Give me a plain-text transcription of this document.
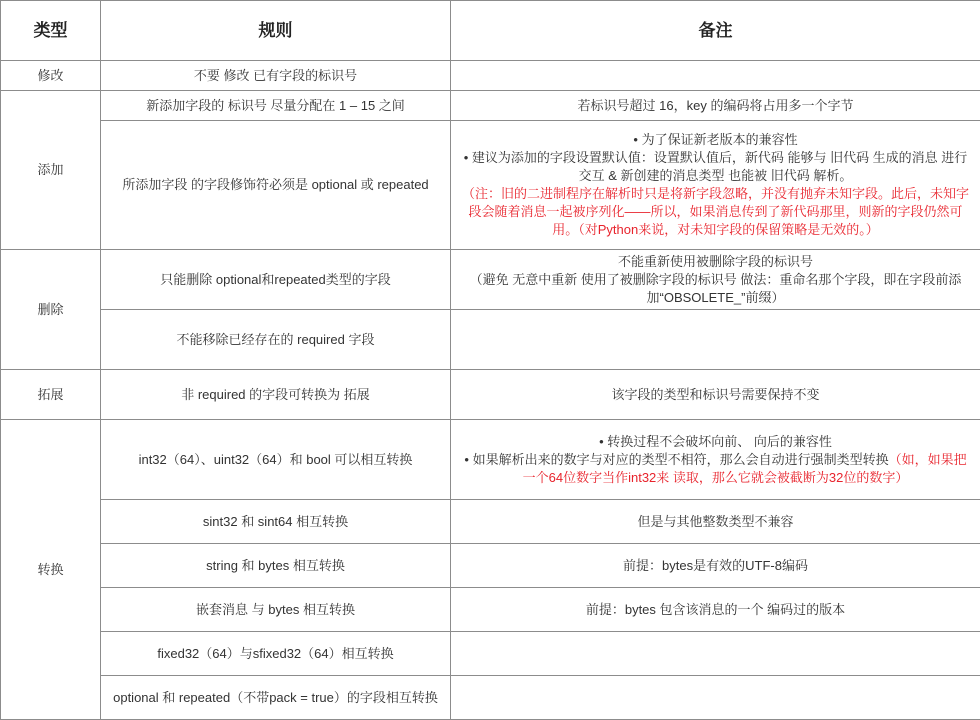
类型	规则	备注
修改	不要 修改 已有字段的标识号	
添加	新添加字段的 标识号 尽量分配在 1 – 15 之间	若标识号超过 16，key 的编码将占用多一个字节
	所添加字段 的字段修饰符必须是 optional 或 repeated	• 为了保证新老版本的兼容性
• 建议为添加的字段设置默认值：设置默认值后，新代码 能够与 旧代码 生成的消息 进行交互 & 新创建的消息类型 也能被 旧代码 解析。
（注：旧的二进制程序在解析时只是将新字段忽略，并没有抛弃未知字段。此后，未知字段会随着消息一起被序列化——所以，如果消息传到了新代码那里，则新的字段仍然可用。（对Python来说，对未知字段的保留策略是无效的。）

删除	只能删除 optional和repeated类型的字段	不能重新使用被删除字段的标识号
（避免 无意中重新 使用了被删除字段的标识号 做法：重命名那个字段，即在字段前添加“OBSOLETE_”前缀）

	不能移除已经存在的 required 字段	
拓展	非 required 的字段可转换为 拓展	该字段的类型和标识号需要保持不变
转换	int32（64）、uint32（64）和 bool 可以相互转换	• 转换过程不会破坏向前、 向后的兼容性
• 如果解析出来的数字与对应的类型不相符，那么会自动进行强制类型转换（如，如果把一个64位数字当作int32来 读取，那么它就会被截断为32位的数字）

	sint32 和 sint64 相互转换	但是与其他整数类型不兼容
	string 和 bytes 相互转换	前提：bytes是有效的UTF-8编码
	嵌套消息 与 bytes 相互转换	前提：bytes 包含该消息的一个 编码过的版本
	fixed32（64）与sfixed32（64）相互转换	
	optional 和 repeated（不带pack = true）的字段相互转换	
